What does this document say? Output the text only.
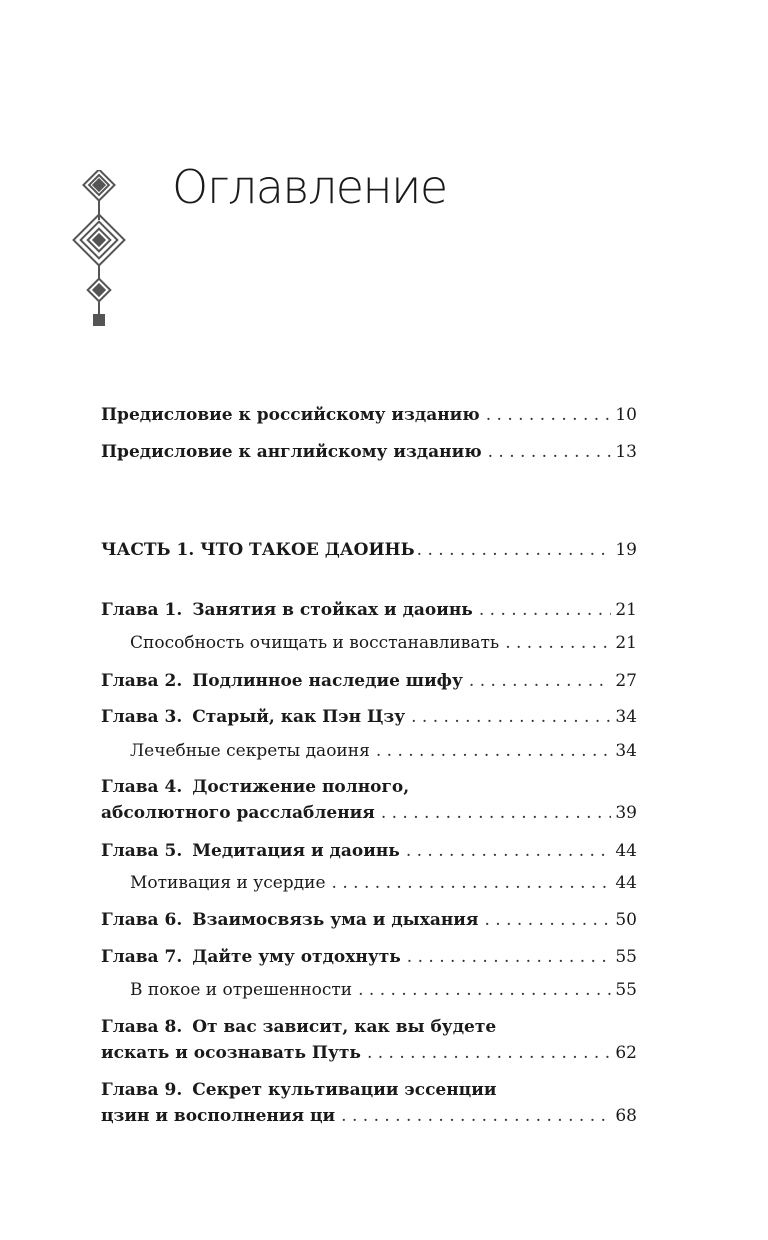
Оглавление
Предисловие к российскому изданию . . .	10
Предисловие к английскому изданию . . .	13
ЧАСТЬ 1. ЧТО ТАКОЕ ДАОИНЬ . . .	19
Глава 1. Занятия в стойках и даоинь . . .	21
Способность очищать и восстанавливать . . .	21
Глава 2. Подлинное наследие шифу . . .	27
Глава 3. Старый, как Пэн Цзу . . .	34
Лечебные секреты даоиня . . .	34
Глава 4. Достижение полного,
абсолютного расслабления . . .	39
Глава 5. Медитация и даоинь . . .	44
Мотивация и усердие . . .	44
Глава 6. Взаимосвязь ума и дыхания . . .	50
Глава 7. Дайте уму отдохнуть . . .	55
В покое и отрешенности . . .	55
Глава 8. От вас зависит, как вы будете
искать и осознавать Путь . . .	62
Глава 9. Секрет культивации эссенции
цзин и восполнения ци . . .	68
